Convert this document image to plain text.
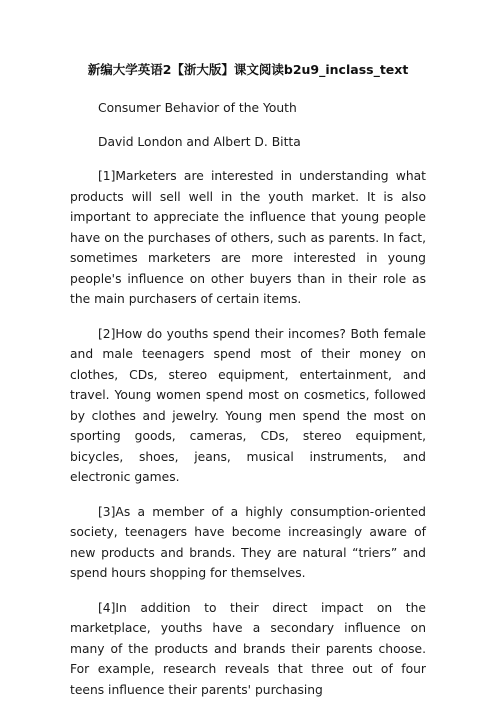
新编大学英语2【浙大版】课文阅读b2u9_inclass_text
Consumer Behavior of the Youth
David London and Albert D. Bitta

[1]Marketers are interested in understanding what products will sell well in the youth market. It is also important to appreciate the influence that young people have on the purchases of others, such as parents. In fact, sometimes marketers are more interested in young people's influence on other buyers than in their role as the main purchasers of certain items.

[2]How do youths spend their incomes? Both female and male teenagers spend most of their money on clothes, CDs, stereo equipment, entertainment, and travel. Young women spend most on cosmetics, followed by clothes and jewelry. Young men spend the most on sporting goods, cameras, CDs, stereo equipment, bicycles, shoes, jeans, musical instruments, and electronic games.

[3]As a member of a highly consumption-oriented society, teenagers have become increasingly aware of new products and brands. They are natural “triers” and spend hours shopping for themselves.

[4]In addition to their direct impact on the marketplace, youths have a secondary influence on many of the products and brands their parents choose. For example, research reveals that three out of four teens influence their parents' purchasing
